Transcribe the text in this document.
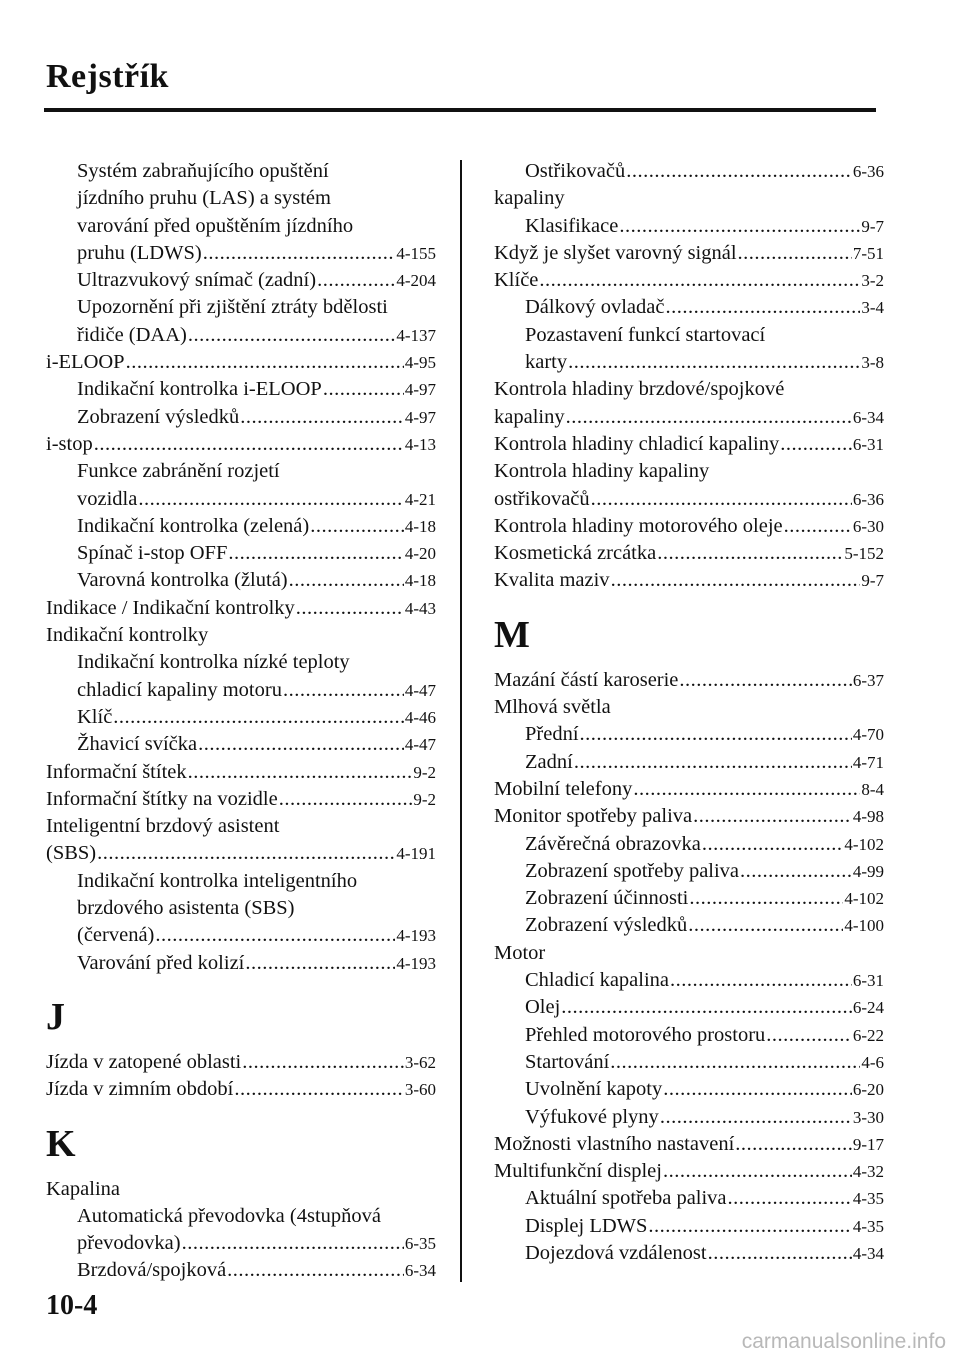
Rejstřík
Systém zabraňujícího opuštění
jízdního pruhu (LAS) a systém
varování před opuštěním jízdního
pruhu (LDWS) .....	4-155
Ultrazvukový snímač (zadní) .....	4-204
Upozornění při zjištění ztráty bdělosti
řidiče (DAA) .....	4-137
i-ELOOP .....	4-95
Indikační kontrolka i-ELOOP .....	4-97
Zobrazení výsledků .....	4-97
i-stop .....	4-13
Funkce zabránění rozjetí
vozidla .....	4-21
Indikační kontrolka (zelená) .....	4-18
Spínač i-stop OFF .....	4-20
Varovná kontrolka (žlutá) .....	4-18
Indikace / Indikační kontrolky .....	4-43
Indikační kontrolky
Indikační kontrolka nízké teploty
chladicí kapaliny motoru .....	4-47
Klíč .....	4-46
Žhavicí svíčka .....	4-47
Informační štítek .....	9-2
Informační štítky na vozidle .....	9-2
Inteligentní brzdový asistent
(SBS) .....	4-191
Indikační kontrolka inteligentního
brzdového asistenta (SBS)
(červená) .....	4-193
Varování před kolizí .....	4-193
J
Jízda v zatopené oblasti .....	3-62
Jízda v zimním období .....	3-60
K
Kapalina
Automatická převodovka (4stupňová
převodovka) .....	6-35
Brzdová/spojková .....	6-34
Ostřikovačů .....	6-36
kapaliny
Klasifikace .....	9-7
Když je slyšet varovný signál .....	7-51
Klíče .....	3-2
Dálkový ovladač .....	3-4
Pozastavení funkcí startovací
karty .....	3-8
Kontrola hladiny brzdové/spojkové
kapaliny .....	6-34
Kontrola hladiny chladicí kapaliny .....	6-31
Kontrola hladiny kapaliny
ostřikovačů .....	6-36
Kontrola hladiny motorového oleje .....	6-30
Kosmetická zrcátka .....	5-152
Kvalita maziv .....	9-7
M
Mazání částí karoserie .....	6-37
Mlhová světla
Přední .....	4-70
Zadní .....	4-71
Mobilní telefony .....	8-4
Monitor spotřeby paliva .....	4-98
Závěrečná obrazovka .....	4-102
Zobrazení spotřeby paliva .....	4-99
Zobrazení účinnosti .....	4-102
Zobrazení výsledků .....	4-100
Motor
Chladicí kapalina .....	6-31
Olej .....	6-24
Přehled motorového prostoru .....	6-22
Startování .....	4-6
Uvolnění kapoty .....	6-20
Výfukové plyny .....	3-30
Možnosti vlastního nastavení .....	9-17
Multifunkční displej .....	4-32
Aktuální spotřeba paliva .....	4-35
Displej LDWS .....	4-35
Dojezdová vzdálenost .....	4-34
10-4
carmanualsonline.info
